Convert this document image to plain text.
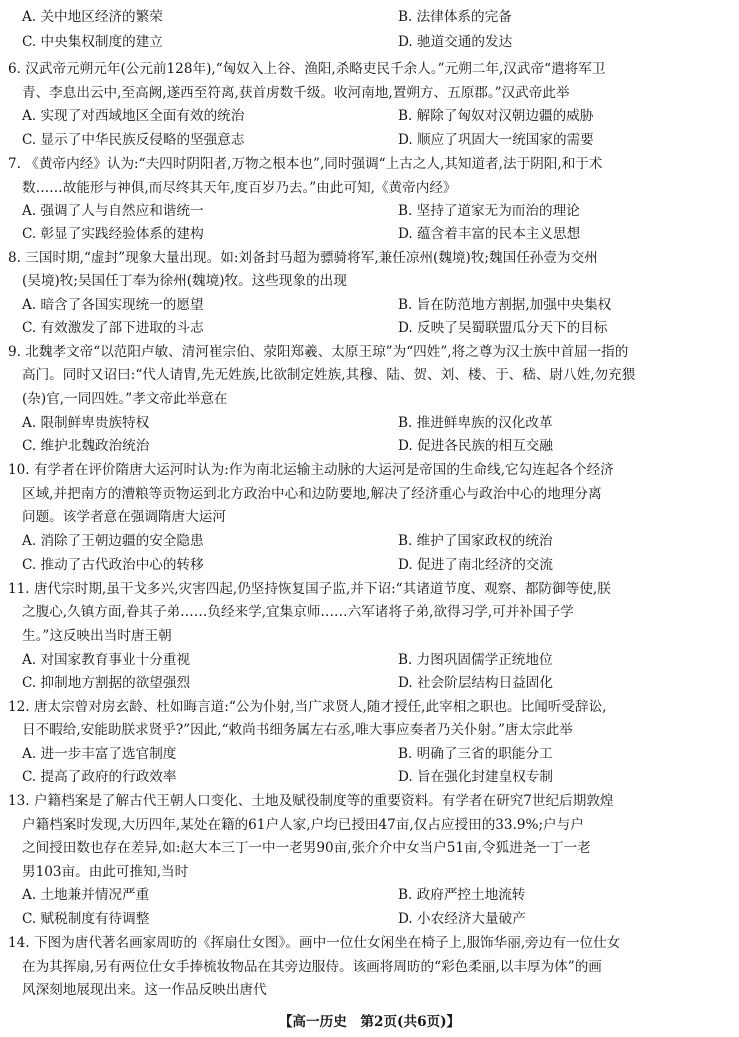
A. 关中地区经济的繁荣	B. 法律体系的完备
C. 中央集权制度的建立	D. 驰道交通的发达
6. 汉武帝元朔元年(公元前128年),“匈奴入上谷、渔阳,杀略吏民千余人。”元朔二年,汉武帝“遣将军卫
青、李息出云中,至高阙,遂西至符离,获首虏数千级。收河南地,置朔方、五原郡。”汉武帝此举
A. 实现了对西域地区全面有效的统治	B. 解除了匈奴对汉朝边疆的威胁
C. 显示了中华民族反侵略的坚强意志	D. 顺应了巩固大一统国家的需要
7. 《黄帝内经》认为:“夫四时阴阳者,万物之根本也”,同时强调“上古之人,其知道者,法于阴阳,和于术
数……故能形与神俱,而尽终其天年,度百岁乃去。”由此可知,《黄帝内经》
A. 强调了人与自然应和谐统一	B. 坚持了道家无为而治的理论
C. 彰显了实践经验体系的建构	D. 蕴含着丰富的民本主义思想
8. 三国时期,“虚封”现象大量出现。如:刘备封马超为骠骑将军,兼任凉州(魏境)牧;魏国任孙壹为交州
(吴境)牧;吴国任丁奉为徐州(魏境)牧。这些现象的出现
A. 暗含了各国实现统一的愿望	B. 旨在防范地方割据,加强中央集权
C. 有效激发了部下进取的斗志	D. 反映了吴蜀联盟瓜分天下的目标
9. 北魏孝文帝“以范阳卢敏、清河崔宗伯、荥阳郑羲、太原王琼”为“四姓”,将之尊为汉士族中首屈一指的
高门。同时又诏曰:“代人请胄,先无姓族,比欲制定姓族,其穆、陆、贺、刘、楼、于、嵇、尉八姓,勿充猥
(杂)官,一同四姓。”孝文帝此举意在
A. 限制鲜卑贵族特权	B. 推进鲜卑族的汉化改革
C. 维护北魏政治统治	D. 促进各民族的相互交融
10. 有学者在评价隋唐大运河时认为:作为南北运输主动脉的大运河是帝国的生命线,它勾连起各个经济
区域,并把南方的漕粮等贡物运到北方政治中心和边防要地,解决了经济重心与政治中心的地理分离
问题。该学者意在强调隋唐大运河
A. 消除了王朝边疆的安全隐患	B. 维护了国家政权的统治
C. 推动了古代政治中心的转移	D. 促进了南北经济的交流
11. 唐代宗时期,虽干戈多兴,灾害四起,仍坚持恢复国子监,并下诏:“其诸道节度、观察、都防御等使,朕
之腹心,久镇方面,眷其子弟……负经来学,宜集京师……六军诸将子弟,欲得习学,可并补国子学
生。”这反映出当时唐王朝
A. 对国家教育事业十分重视	B. 力图巩固儒学正统地位
C. 抑制地方割据的欲望强烈	D. 社会阶层结构日益固化
12. 唐太宗曾对房玄龄、杜如晦言道:“公为仆射,当广求贤人,随才授任,此宰相之职也。比闻听受辞讼,
日不暇给,安能助朕求贤乎?”因此,“敕尚书细务属左右丞,唯大事应奏者乃关仆射。”唐太宗此举
A. 进一步丰富了选官制度	B. 明确了三省的职能分工
C. 提高了政府的行政效率	D. 旨在强化封建皇权专制
13. 户籍档案是了解古代王朝人口变化、土地及赋役制度等的重要资料。有学者在研究7世纪后期敦煌
户籍档案时发现,大历四年,某处在籍的61户人家,户均已授田47亩,仅占应授田的33.9%;户与户
之间授田数也存在差异,如:赵大本三丁一中一老男90亩,张介介中女当户51亩,令狐进尧一丁一老
男103亩。由此可推知,当时
A. 土地兼并情况严重	B. 政府严控土地流转
C. 赋税制度有待调整	D. 小农经济大量破产
14. 下图为唐代著名画家周昉的《挥扇仕女图》。画中一位仕女闲坐在椅子上,服饰华丽,旁边有一位仕女
在为其挥扇,另有两位仕女手捧梳妆物品在其旁边服侍。该画将周昉的“彩色柔丽,以丰厚为体”的画
风深刻地展现出来。这一作品反映出唐代
【高一历史　第2页(共6页)】
